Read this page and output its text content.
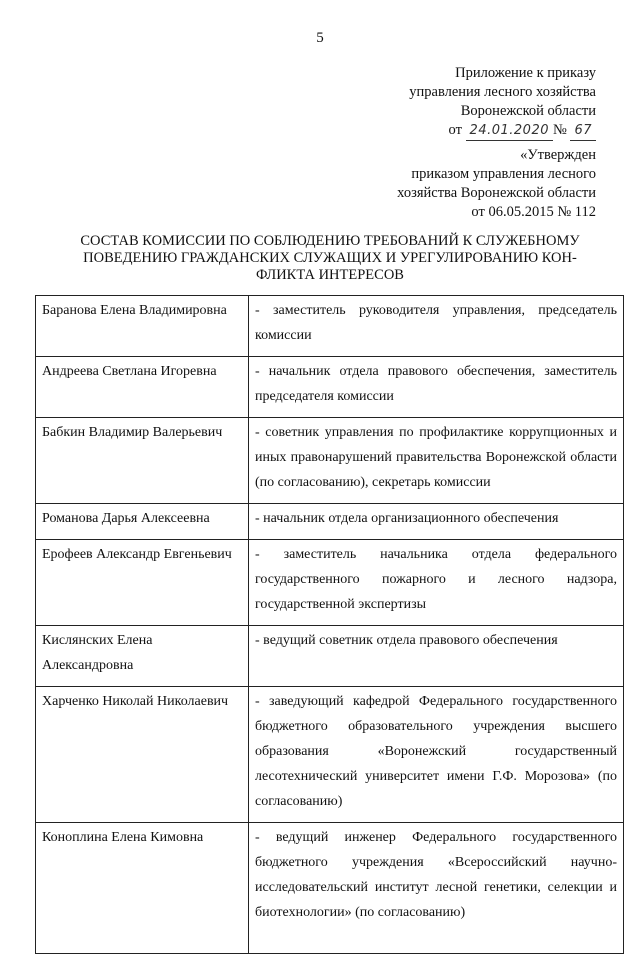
5
Приложение к приказу
управления лесного хозяйства
Воронежской области
от 24.01.2020 № 67
«Утвержден
приказом управления лесного
хозяйства Воронежской области
от 06.05.2015 № 112
СОСТАВ КОМИССИИ ПО СОБЛЮДЕНИЮ ТРЕБОВАНИЙ К СЛУЖЕБНОМУ
ПОВЕДЕНИЮ ГРАЖДАНСКИХ СЛУЖАЩИХ И УРЕГУЛИРОВАНИЮ КОН-
ФЛИКТА ИНТЕРЕСОВ
Баранова Елена Владимировна	- заместитель руководителя управления, председатель комиссии
Андреева Светлана Игоревна	- начальник отдела правового обеспечения, заместитель председателя комиссии
Бабкин Владимир Валерьевич	- советник управления по профилактике коррупционных и иных правонарушений правительства Воронежской области (по согласованию), секретарь комиссии
Романова Дарья Алексеевна	- начальник отдела организационного обеспечения
Ерофеев Александр Евгеньевич	- заместитель начальника отдела федерального государственного пожарного и лесного надзора, государственной экспертизы
Кислянских Елена Александровна	- ведущий советник отдела правового обеспечения
Харченко Николай Николаевич	- заведующий кафедрой Федерального государственного бюджетного образовательного учреждения высшего образования «Воронежский государственный лесотехнический университет имени Г.Ф. Морозова» (по согласованию)
Коноплина Елена Кимовна	- ведущий инженер Федерального государственного бюджетного учреждения «Всероссийский научно-исследовательский институт лесной генетики, селекции и биотехнологии» (по согласованию)
